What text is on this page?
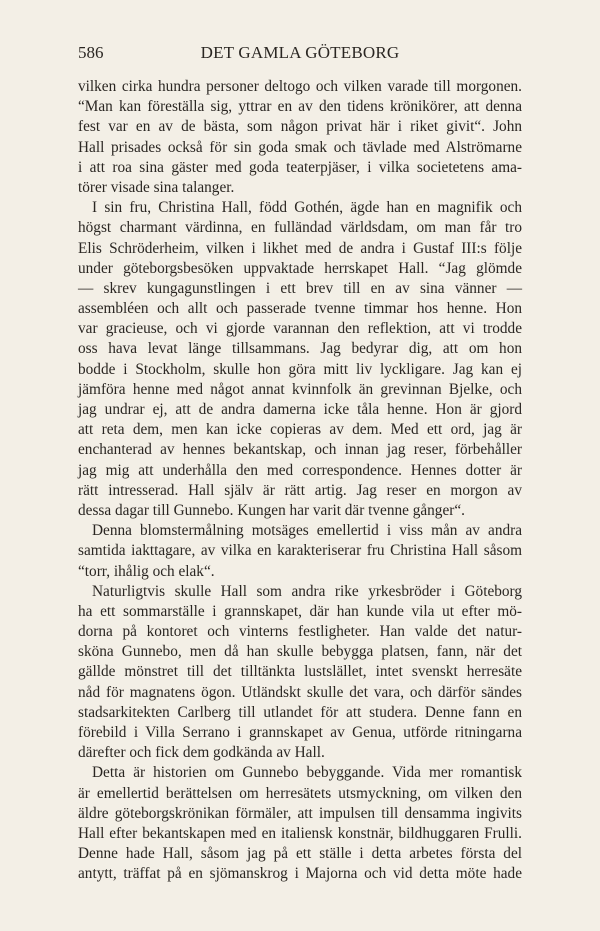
586	DET GAMLA GÖTEBORG
vilken cirka hundra personer deltogo och vilken varade till morgonen.
“Man kan föreställa sig, yttrar en av den tidens krönikörer, att denna
fest var en av de bästa, som någon privat här i riket givit“. John
Hall prisades också för sin goda smak och tävlade med Alströmarne
i att roa sina gäster med goda teaterpjäser, i vilka societetens ama-
törer visade sina talanger.
I sin fru, Christina Hall, född Gothén, ägde han en magnifik och
högst charmant värdinna, en fulländad världsdam, om man får tro
Elis Schröderheim, vilken i likhet med de andra i Gustaf III:s följe
under göteborgsbesöken uppvaktade herrskapet Hall. “Jag glömde
— skrev kungagunstlingen i ett brev till en av sina vänner —
assembléen och allt och passerade tvenne timmar hos henne. Hon
var gracieuse, och vi gjorde varannan den reflektion, att vi trodde
oss hava levat länge tillsammans. Jag bedyrar dig, att om hon
bodde i Stockholm, skulle hon göra mitt liv lyckligare. Jag kan ej
jämföra henne med något annat kvinnfolk än grevinnan Bjelke, och
jag undrar ej, att de andra damerna icke tåla henne. Hon är gjord
att reta dem, men kan icke copieras av dem. Med ett ord, jag är
enchanterad av hennes bekantskap, och innan jag reser, förbehåller
jag mig att underhålla den med correspondence. Hennes dotter är
rätt intresserad. Hall själv är rätt artig. Jag reser en morgon av
dessa dagar till Gunnebo. Kungen har varit där tvenne gånger“.
Denna blomstermålning motsäges emellertid i viss mån av andra
samtida iakttagare, av vilka en karakteriserar fru Christina Hall såsom
“torr, ihålig och elak“.
Naturligtvis skulle Hall som andra rike yrkesbröder i Göteborg
ha ett sommarställe i grannskapet, där han kunde vila ut efter mö-
dorna på kontoret och vinterns festligheter. Han valde det natur-
sköna Gunnebo, men då han skulle bebygga platsen, fann, när det
gällde mönstret till det tilltänkta lustslället, intet svenskt herresäte
nåd för magnatens ögon. Utländskt skulle det vara, och därför sändes
stadsarkitekten Carlberg till utlandet för att studera. Denne fann en
förebild i Villa Serrano i grannskapet av Genua, utförde ritningarna
därefter och fick dem godkända av Hall.
Detta är historien om Gunnebo bebyggande. Vida mer romantisk
är emellertid berättelsen om herresätets utsmyckning, om vilken den
äldre göteborgskrönikan förmäler, att impulsen till densamma ingivits
Hall efter bekantskapen med en italiensk konstnär, bildhuggaren Frulli.
Denne hade Hall, såsom jag på ett ställe i detta arbetes första del
antytt, träffat på en sjömanskrog i Majorna och vid detta möte hade
